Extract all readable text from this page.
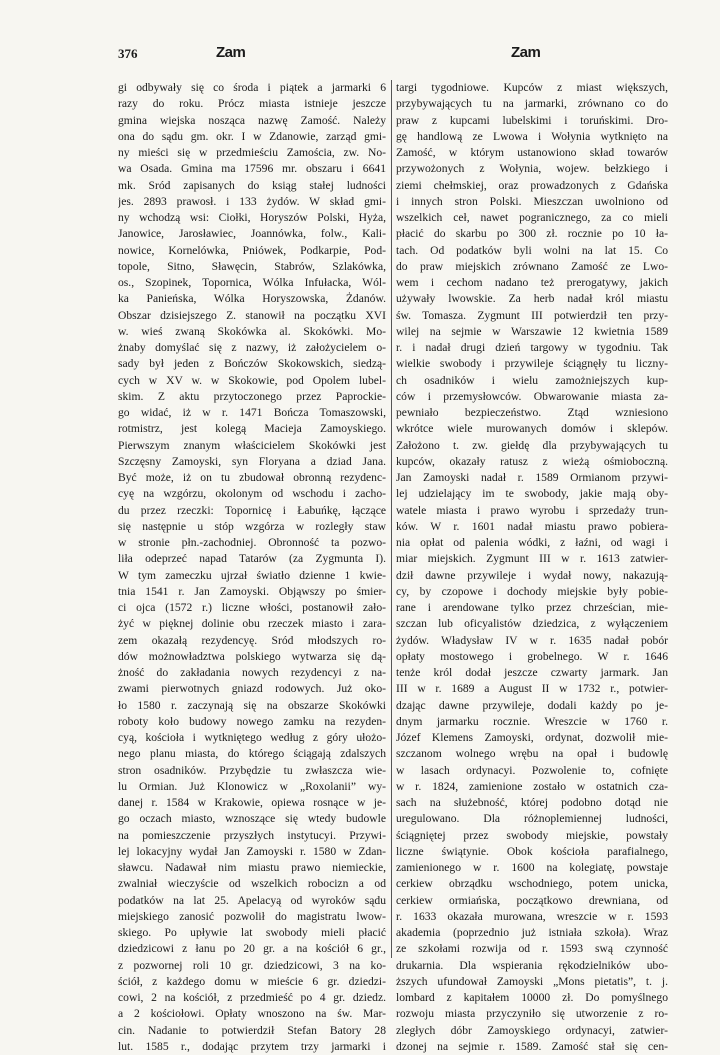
376	Zam	Zam
gi odbywały się co środa i piątek a jarmarki 6
razy do roku. Prócz miasta istnieje jeszcze
gmina wiejska nosząca nazwę Zamość. Należy
ona do sądu gm. okr. I w Zdanowie, zarząd gmi-
ny mieści się w przedmieściu Zamościa, zw. No-
wa Osada. Gmina ma 17596 mr. obszaru i 6641
mk. Sród zapisanych do ksiąg stałej ludności
jes. 2893 prawosł. i 133 żydów. W skład gmi-
ny wchodzą wsi: Ciołki, Horyszów Polski, Hyża,
Janowice, Jarosławiec, Joannówka, folw., Kali-
nowice, Kornelówka, Pniówek, Podkarpie, Pod-
topole, Sitno, Sławęcin, Stabrów, Szlakówka,
os., Szopinek, Topornica, Wólka Infułacka, Wól-
ka Panieńska, Wólka Horyszowska, Żdanów.
Obszar dzisiejszego Z. stanowił na początku XVI
w. wieś zwaną Skokówka al. Skokówki. Mo-
żnaby domyślać się z nazwy, iż założycielem o-
sady był jeden z Bończów Skokowskich, siedzą-
cych w XV w. w Skokowie, pod Opolem lubel-
skim. Z aktu przytoczonego przez Paprockie-
go widać, iż w r. 1471 Bończa Tomaszowski,
rotmistrz, jest kolegą Macieja Zamoyskiego.
Pierwszym znanym właścicielem Skokówki jest
Szczęsny Zamoyski, syn Floryana a dziad Jana.
Być może, iż on tu zbudował obronną rezydenc-
cyę na wzgórzu, okolonym od wschodu i zacho-
du przez rzeczki: Topornicę i Łabuńkę, łączące
się następnie u stóp wzgórza w rozległy staw
w stronie płn.-zachodniej. Obronność ta pozwo-
liła odeprzeć napad Tatarów (za Zygmunta I).
W tym zameczku ujrzał światło dzienne 1 kwie-
tnia 1541 r. Jan Zamoyski. Objąwszy po śmier-
ci ojca (1572 r.) liczne włości, postanowił zało-
żyć w pięknej dolinie obu rzeczek miasto i zara-
zem okazałą rezydencyę. Sród młodszych ro-
dów możnowładztwa polskiego wytwarza się dą-
żność do zakładania nowych rezydencyi z na-
zwami pierwotnych gniazd rodowych. Już oko-
ło 1580 r. zaczynają się na obszarze Skokówki
roboty koło budowy nowego zamku na rezyden-
cyą, kościoła i wytkniętego według z góry ułożo-
nego planu miasta, do którego ściągają zdalszych
stron osadników. Przybędzie tu zwłaszcza wie-
lu Ormian. Już Klonowicz w „Roxolanii” wy-
danej r. 1584 w Krakowie, opiewa rosnące w je-
go oczach miasto, wznoszące się wtedy budowle
na pomieszczenie przyszłych instytucyi. Przywi-
lej lokacyjny wydał Jan Zamoyski r. 1580 w Zdan-
sławcu. Nadawał nim miastu prawo niemieckie,
zwalniał wieczyście od wszelkich robocizn a od
podatków na lat 25. Apelacyą od wyroków sądu
miejskiego zanosić pozwolił do magistratu lwow-
skiego. Po upływie lat swobody mieli płacić
dziedzicowi z łanu po 20 gr. a na kościół 6 gr.,
z pozwornej roli 10 gr. dziedzicowi, 3 na ko-
ściół, z każdego domu w mieście 6 gr. dziedzi-
cowi, 2 na kościół, z przedmieść po 4 gr. dziedz.
a 2 kościołowi. Opłaty wnoszono na św. Mar-
cin. Nadanie to potwierdził Stefan Batory 28
lut. 1585 r., dodając przytem trzy jarmarki i
targi tygodniowe. Kupców z miast większych,
przybywających tu na jarmarki, zrównano co do
praw z kupcami lubelskimi i toruńskimi. Dro-
gę handlową ze Lwowa i Wołynia wytknięto na
Zamość, w którym ustanowiono skład towarów
przywożonych z Wołynia, wojew. bełzkiego i
ziemi chełmskiej, oraz prowadzonych z Gdańska
i innych stron Polski. Mieszczan uwolniono od
wszelkich ceł, nawet pogranicznego, za co mieli
płacić do skarbu po 300 zł. rocznie po 10 ła-
tach. Od podatków byli wolni na lat 15. Co
do praw miejskich zrównano Zamość ze Lwo-
wem i cechom nadano też prerogatywy, jakich
używały lwowskie. Za herb nadał król miastu
św. Tomasza. Zygmunt III potwierdził ten przy-
wilej na sejmie w Warszawie 12 kwietnia 1589
r. i nadał drugi dzień targowy w tygodniu. Tak
wielkie swobody i przywileje ściągnęły tu liczny-
ch osadników i wielu zamożniejszych kup-
ców i przemysłowców. Obwarowanie miasta za-
pewniało bezpieczeństwo. Ztąd wzniesiono
wkrótce wiele murowanych domów i sklepów.
Założono t. zw. giełdę dla przybywających tu
kupców, okazały ratusz z wieżą ośmioboczną.
Jan Zamoyski nadał r. 1589 Ormianom przywi-
lej udzielający im te swobody, jakie mają oby-
watele miasta i prawo wyrobu i sprzedaży trun-
ków. W r. 1601 nadał miastu prawo pobiera-
nia opłat od palenia wódki, z łaźni, od wagi i
miar miejskich. Zygmunt III w r. 1613 zatwier-
dził dawne przywileje i wydał nowy, nakazują-
cy, by czopowe i dochody miejskie były pobie-
rane i arendowane tylko przez chrześcian, mie-
szczan lub oficyalistów dziedzica, z wyłączeniem
żydów. Władysław IV w r. 1635 nadał pobór
opłaty mostowego i grobelnego. W r. 1646
tenże król dodał jeszcze czwarty jarmark. Jan
III w r. 1689 a August II w 1732 r., potwier-
dzając dawne przywileje, dodali każdy po je-
dnym jarmarku rocznie. Wreszcie w 1760 r.
Józef Klemens Zamoyski, ordynat, dozwolił mie-
szczanom wolnego wrębu na opał i budowlę
w lasach ordynacyi. Pozwolenie to, cofnięte
w r. 1824, zamienione zostało w ostatnich cza-
sach na służebność, której podobno dotąd nie
uregulowano. Dla różnoplemiennej ludności,
ściągniętej przez swobody miejskie, powstały
liczne świątynie. Obok kościoła parafialnego,
zamienionego w r. 1600 na kolegiatę, powstaje
cerkiew obrządku wschodniego, potem unicka,
cerkiew ormiańska, początkowo drewniana, od
r. 1633 okazała murowana, wreszcie w r. 1593
akademia (poprzednio już istniała szkoła). Wraz
ze szkołami rozwija od r. 1593 swą czynność
drukarnia. Dla wspierania rękodzielników ubo-
ższych ufundował Zamoyski „Mons pietatis”, t. j.
lombard z kapitałem 10000 zł. Do pomyślnego
rozwoju miasta przyczyniło się utworzenie z ro-
zległych dóbr Zamoyskiego ordynacyi, zatwier-
dzonej na sejmie r. 1589. Zamość stał się cen-
